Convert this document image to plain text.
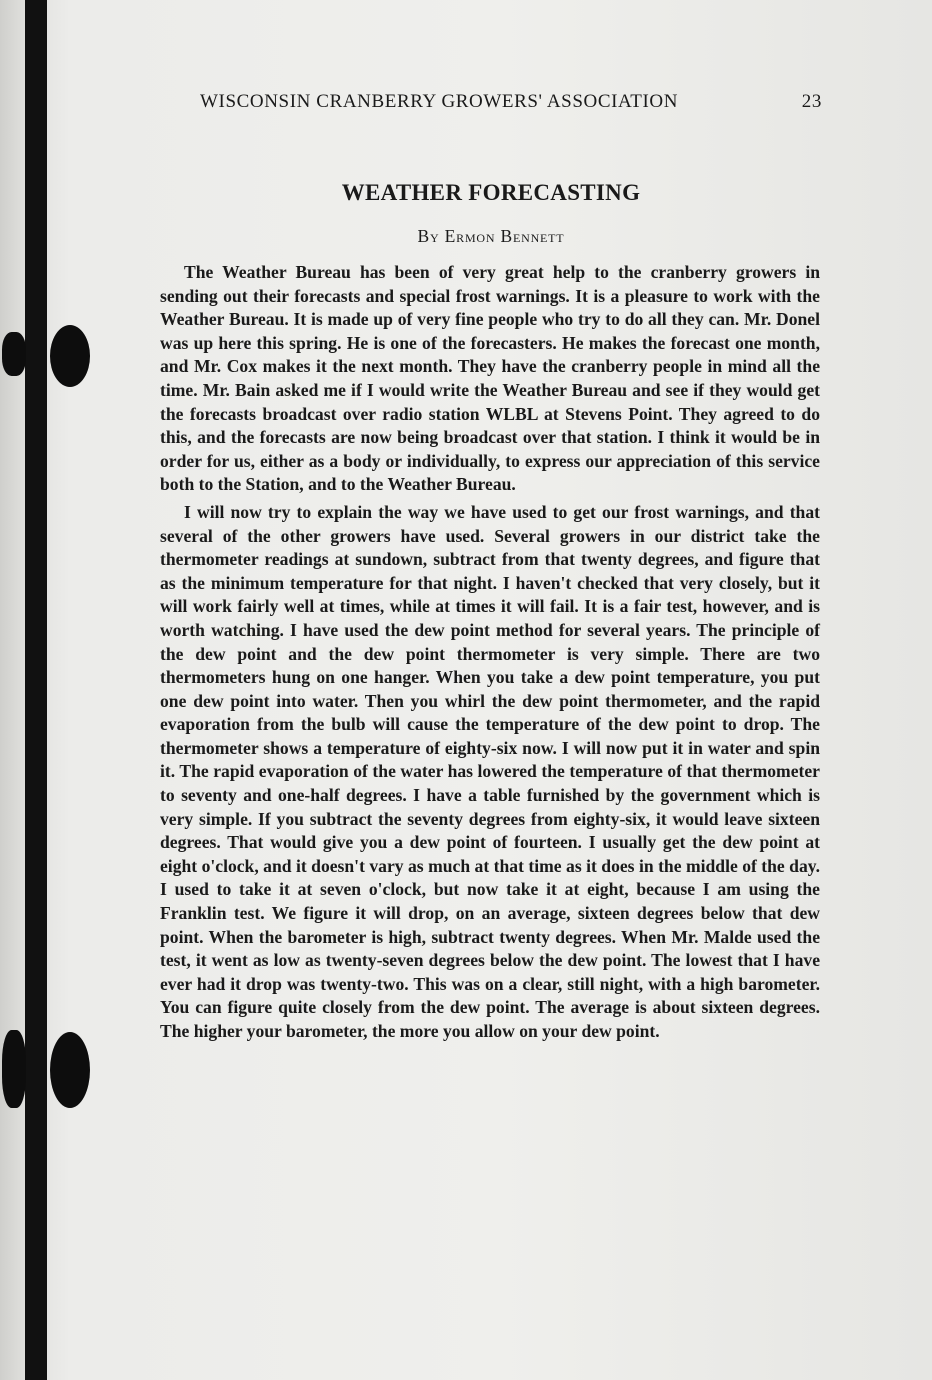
WISCONSIN CRANBERRY GROWERS' ASSOCIATION	23
WEATHER FORECASTING
By Ermon Bennett

The Weather Bureau has been of very great help to the cranberry growers in sending out their forecasts and special frost warnings. It is a pleasure to work with the Weather Bureau. It is made up of very fine people who try to do all they can. Mr. Donel was up here this spring. He is one of the forecasters. He makes the forecast one month, and Mr. Cox makes it the next month. They have the cranberry people in mind all the time. Mr. Bain asked me if I would write the Weather Bureau and see if they would get the forecasts broadcast over radio station WLBL at Stevens Point. They agreed to do this, and the forecasts are now being broadcast over that station. I think it would be in order for us, either as a body or individually, to express our appreciation of this service both to the Station, and to the Weather Bureau.

I will now try to explain the way we have used to get our frost warnings, and that several of the other growers have used. Several growers in our district take the thermometer readings at sundown, subtract from that twenty degrees, and figure that as the minimum temperature for that night. I haven't checked that very closely, but it will work fairly well at times, while at times it will fail. It is a fair test, however, and is worth watching. I have used the dew point method for several years. The principle of the dew point and the dew point thermometer is very simple. There are two thermometers hung on one hanger. When you take a dew point temperature, you put one dew point into water. Then you whirl the dew point thermometer, and the rapid evaporation from the bulb will cause the temperature of the dew point to drop. The thermometer shows a temperature of eighty-six now. I will now put it in water and spin it. The rapid evaporation of the water has lowered the temperature of that thermometer to seventy and one-half degrees. I have a table furnished by the government which is very simple. If you subtract the seventy degrees from eighty-six, it would leave sixteen degrees. That would give you a dew point of fourteen. I usually get the dew point at eight o'clock, and it doesn't vary as much at that time as it does in the middle of the day. I used to take it at seven o'clock, but now take it at eight, because I am using the Franklin test. We figure it will drop, on an average, sixteen degrees below that dew point. When the barometer is high, subtract twenty degrees. When Mr. Malde used the test, it went as low as twenty-seven degrees below the dew point. The lowest that I have ever had it drop was twenty-two. This was on a clear, still night, with a high barometer. You can figure quite closely from the dew point. The average is about sixteen degrees. The higher your barometer, the more you allow on your dew point.
